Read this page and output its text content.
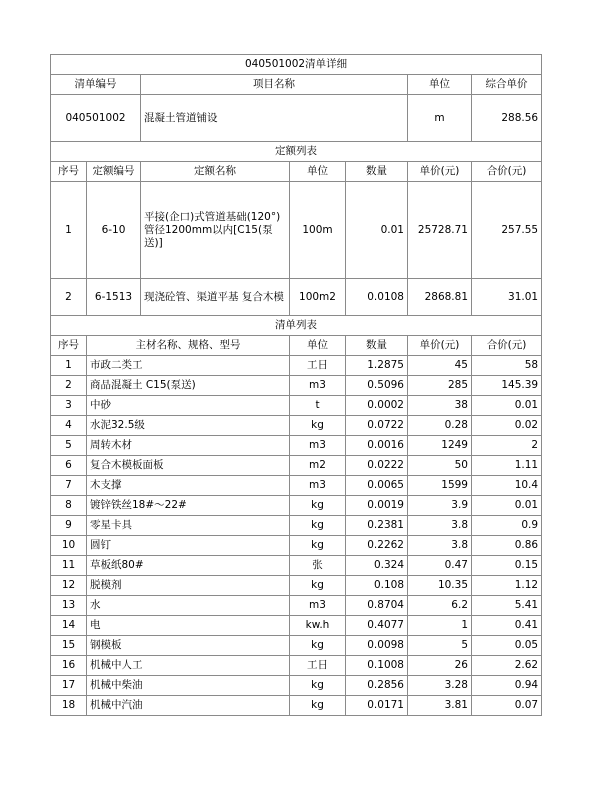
040501002清单详细						
清单编号		项目名称			单位	综合单价
040501002		混凝土管道铺设			m	288.56
定额列表						
序号	定额编号	定额名称	单位	数量	单价(元)	合价(元)
1	6-10	平接(企口)式管道基础(120°)管径1200mm以内[C15(泵送)]	100m	0.01	25728.71	257.55
2	6-1513	现浇砼管、渠道平基 复合木模	100m2	0.0108	2868.81	31.01
清单列表						
序号	主材名称、规格、型号		单位	数量	单价(元)	合价(元)
1	市政二类工		工日	1.2875	45	58
2	商品混凝土 C15(泵送)		m3	0.5096	285	145.39
3	中砂		t	0.0002	38	0.01
4	水泥32.5级		kg	0.0722	0.28	0.02
5	周转木材		m3	0.0016	1249	2
6	复合木模板面板		m2	0.0222	50	1.11
7	木支撑		m3	0.0065	1599	10.4
8	镀锌铁丝18#～22#		kg	0.0019	3.9	0.01
9	零星卡具		kg	0.2381	3.8	0.9
10	圆钉		kg	0.2262	3.8	0.86
11	草板纸80#		张	0.324	0.47	0.15
12	脱模剂		kg	0.108	10.35	1.12
13	水		m3	0.8704	6.2	5.41
14	电		kw.h	0.4077	1	0.41
15	钢模板		kg	0.0098	5	0.05
16	机械中人工		工日	0.1008	26	2.62
17	机械中柴油		kg	0.2856	3.28	0.94
18	机械中汽油		kg	0.0171	3.81	0.07
